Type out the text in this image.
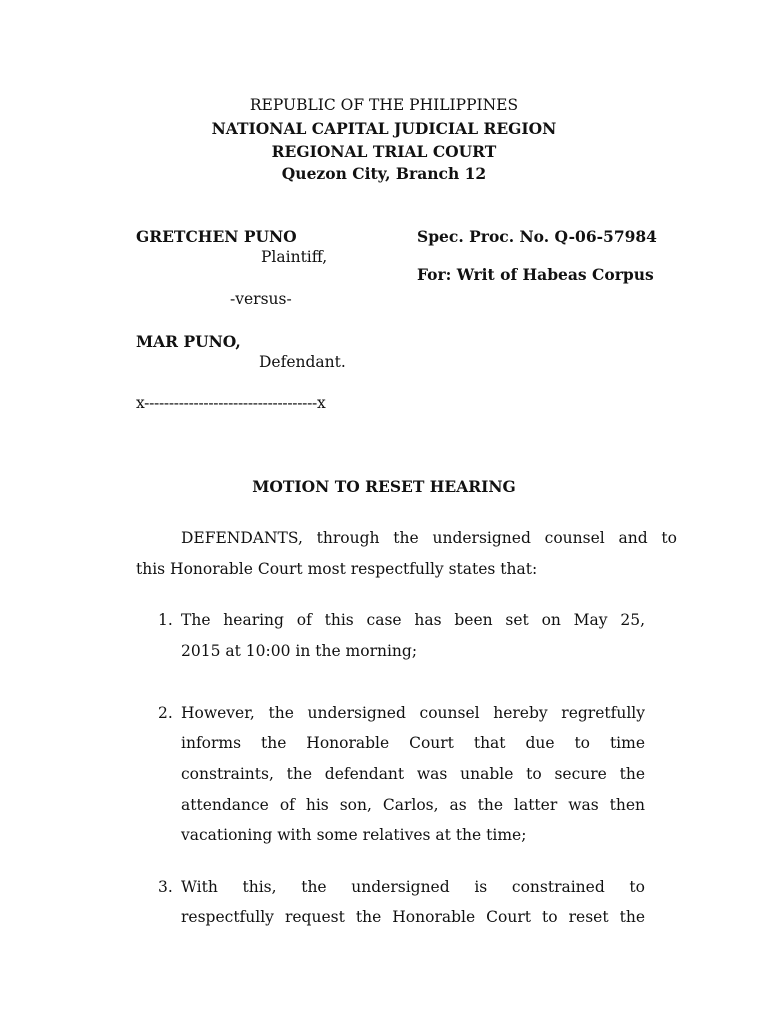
REPUBLIC OF THE PHILIPPINES
NATIONAL CAPITAL JUDICIAL REGION
REGIONAL TRIAL COURT
Quezon City, Branch 12
GRETCHEN PUNO
Plaintiff,
-versus-
MAR PUNO,
Defendant.
Spec. Proc. No. Q-06-57984
For: Writ of Habeas Corpus
x-----------------------------------x
MOTION TO RESET HEARING
DEFENDANTS, through the undersigned counsel and to
this Honorable Court most respectfully states that:
1. The hearing of this case has been set on May 25,
2015 at 10:00 in the morning;
2. However, the undersigned counsel hereby regretfully
informs the Honorable Court that due to time
constraints, the defendant was unable to secure the
attendance of his son, Carlos, as the latter was then
vacationing with some relatives at the time;
3. With this, the undersigned is constrained to
respectfully request the Honorable Court to reset the
